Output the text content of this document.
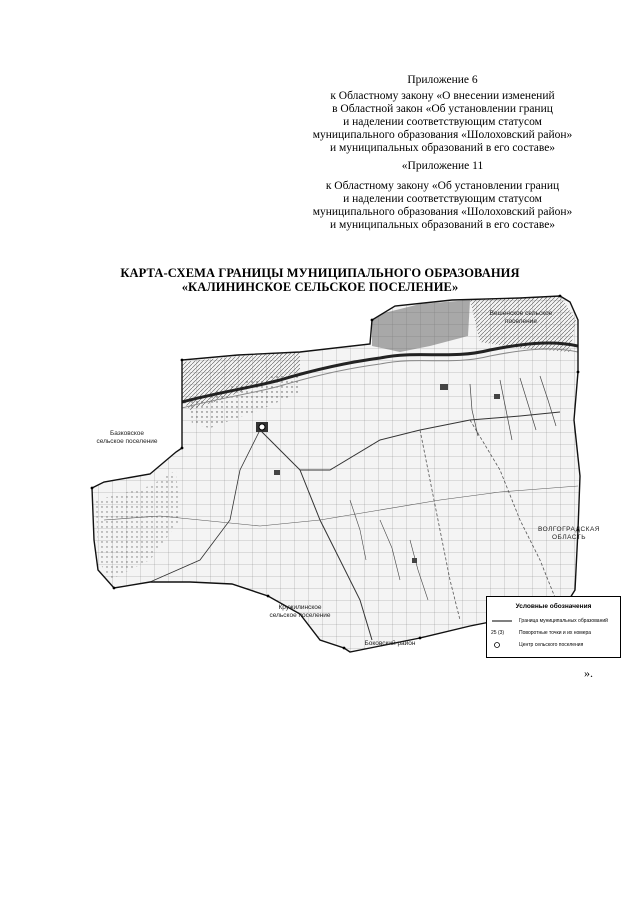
Приложение 6
к Областному закону «О внесении изменений
в Областной закон «Об установлении границ
и наделении соответствующим статусом
муниципального образования «Шолоховский район»
и муниципальных образований в его составе»
«Приложение 11
к Областному закону «Об установлении границ
и наделении соответствующим статусом
муниципального образования «Шолоховский район»
и муниципальных образований в его составе»
КАРТА-СХЕМА ГРАНИЦЫ МУНИЦИПАЛЬНОГО ОБРАЗОВАНИЯ
«КАЛИНИНСКОЕ СЕЛЬСКОЕ ПОСЕЛЕНИЕ»
Вешенское сельское поселение
Базковское сельское поселение
Кружилинское сельское поселение
ВОЛГОГРАДСКАЯ ОБЛАСТЬ
Боковский район
Условные обозначения
Граница муниципальных образований
25 (3)	Поворотные точки и их номера
Центр сельского поселения
».
